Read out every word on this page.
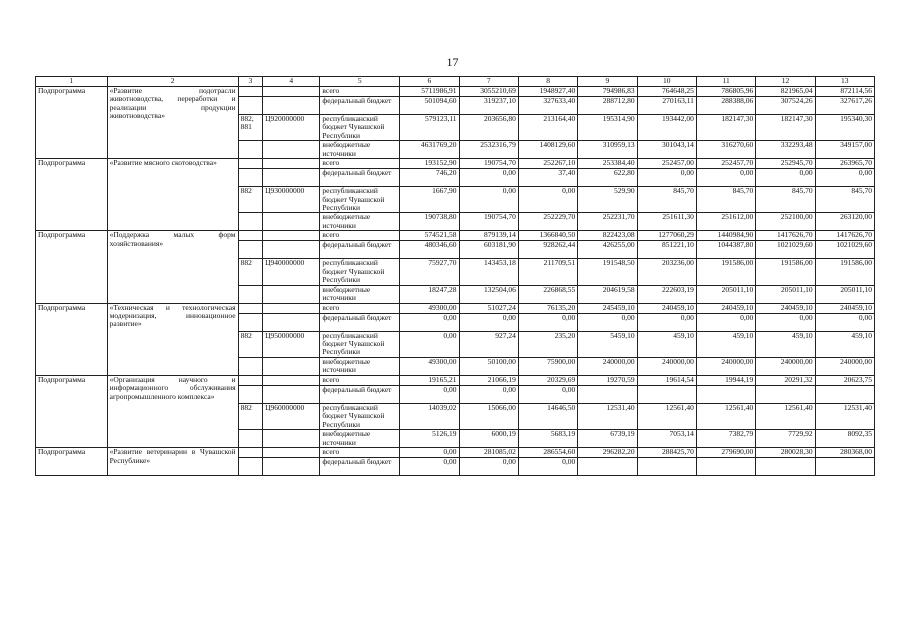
17
1	2	3	4	5	6	7	8	9	10	11	12	13
Подпрограмма	«Развитие подотрасли животноводства, переработки и реализации продукции животноводства»			всего	5711986,91	3055210,69	1948927,40	794986,83	764648,25	786805,96	821965,04	872114,56
				федеральный бюджет	501094,60	319237,10	327633,40	288712,80	270163,11	288388,06	307524,26	327617,26
		882, 881	Ц920000000	республиканский бюджет Чувашской Республики	579123,11	203656,80	213164,40	195314,90	193442,00	182147,30	182147,30	195340,30
				внебюджетные источники	4631769,20	2532316,79	1408129,60	310959,13	301043,14	316270,60	332293,48	349157,00
Подпрограмма	«Развитие мясного скотоводства»			всего	193152,90	190754,70	252267,10	253384,40	252457,00	252457,70	252945,70	263965,70
				федеральный бюджет	746,20	0,00	37,40	622,80	0,00	0,00	0,00	0,00
		882	Ц930000000	республиканский бюджет Чувашской Республики	1667,90	0,00	0,00	529,90	845,70	845,70	845,70	845,70
				внебюджетные источники	190738,80	190754,70	252229,70	252231,70	251611,30	251612,00	252100,00	263120,00
Подпрограмма	«Поддержка малых форм хозяйствования»			всего	574521,58	879139,14	1366840,50	822423,08	1277060,29	1440984,90	1417626,70	1417626,70
				федеральный бюджет	480346,60	603181,90	928262,44	426255,00	851221,10	1044387,80	1021029,60	1021029,60
		882	Ц940000000	республиканский бюджет Чувашской Республики	75927,70	143453,18	211709,51	191548,50	203236,00	191586,00	191586,00	191586,00
				внебюджетные источники	18247,28	132504,06	226868,55	204619,58	222603,19	205011,10	205011,10	205011,10
Подпрограмма	«Техническая и технологическая модернизация, инновационное развитие»			всего	49300,00	51027,24	76135,20	245459,10	240459,10	240459,10	240459,10	240459,10
				федеральный бюджет	0,00	0,00	0,00	0,00	0,00	0,00	0,00	0,00
		882	Ц950000000	республиканский бюджет Чувашской Республики	0,00	927,24	235,20	5459,10	459,10	459,10	459,10	459,10
				внебюджетные источники	49300,00	50100,00	75900,00	240000,00	240000,00	240000,00	240000,00	240000,00
Подпрограмма	«Организация научного и информационного обслуживания агропромышленного комплекса»			всего	19165,21	21066,19	20329,69	19270,59	19614,54	19944,19	20291,32	20623,75
				федеральный бюджет	0,00	0,00	0,00					
		882	Ц960000000	республиканский бюджет Чувашской Республики	14039,02	15066,00	14646,50	12531,40	12561,40	12561,40	12561,40	12531,40
				внебюджетные источники	5126,19	6000,19	5683,19	6739,19	7053,14	7382,79	7729,92	8092,35
Подпрограмма	«Развитие ветеринарии в Чувашской Республике»			всего	0,00	281085,02	286554,60	296282,20	288425,70	279690,00	280028,30	280368,00
				федеральный бюджет	0,00	0,00	0,00					
